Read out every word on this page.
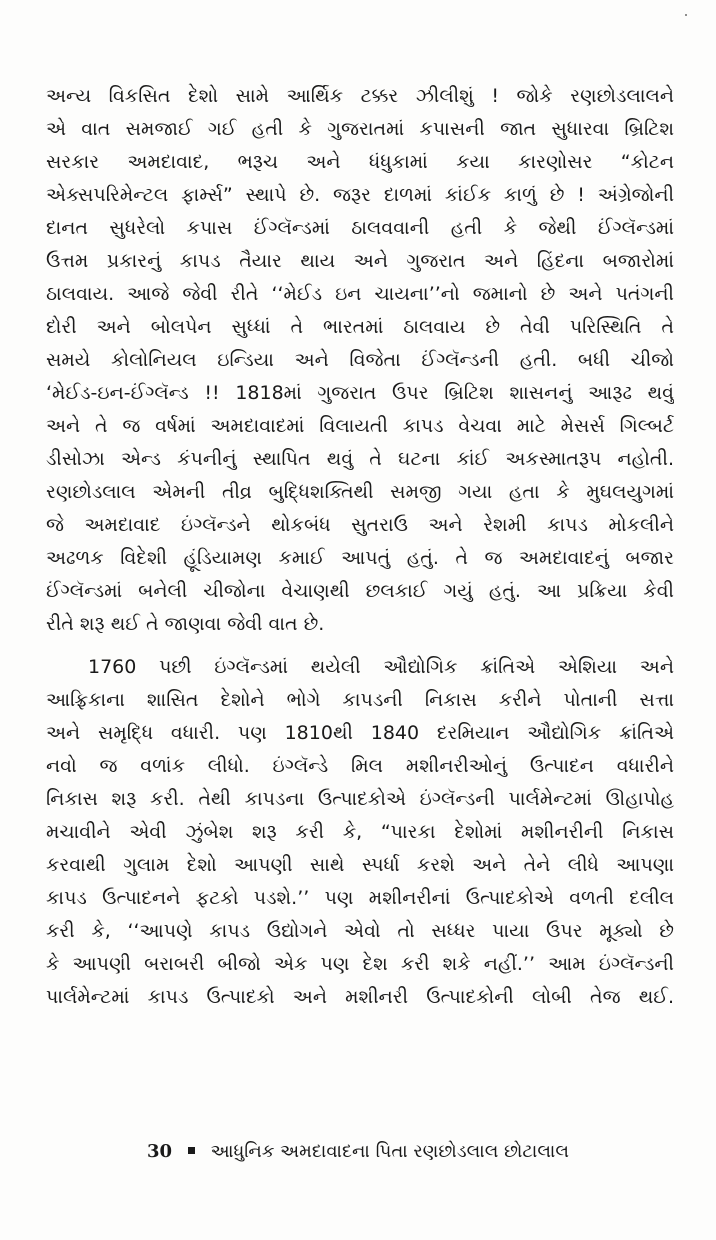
અન્ય વિકસિત દેશો સામે આર્થિક ટક્કર ઝીલીશું ! જોકે રણછોડલાલને
એ વાત સમજાઈ ગઈ હતી કે ગુજરાતમાં કપાસની જાત સુધારવા બ્રિટિશ
સરકાર અમદાવાદ, ભરૂચ અને ધંધુકામાં કયા કારણોસર “કોટન
એક્સપરિમેન્ટલ ફાર્મ્સ” સ્થાપે છે. જરૂર દાળમાં કાંઈક કાળું છે ! અંગ્રેજોની
દાનત સુધરેલો કપાસ ઈંગ્લૅન્ડમાં ઠાલવવાની હતી કે જેથી ઈંગ્લૅન્ડમાં
ઉત્તમ પ્રકારનું કાપડ તૈયાર થાય અને ગુજરાત અને હિંદના બજારોમાં
ઠાલવાય. આજે જેવી રીતે ‘‘મેઈડ ઇન ચાયના’’નો જમાનો છે અને પતંગની
દોરી અને બોલપેન સુધ્ધાં તે ભારતમાં ઠાલવાય છે તેવી પરિસ્થિતિ તે
સમયે કોલોનિયલ ઇન્ડિયા અને વિજેતા ઈંગ્લૅન્ડની હતી. બધી ચીજો
‘મેઈડ-ઇન-ઈંગ્લૅન્ડ !! 1818માં ગુજરાત ઉપર બ્રિટિશ શાસનનું આરૂઢ થવું
અને તે જ વર્ષમાં અમદાવાદમાં વિલાયતી કાપડ વેચવા માટે મેસર્સ ગિલ્બર્ટ
ડીસોઝા એન્ડ કંપનીનું સ્થાપિત થવું તે ઘટના કાંઈ અકસ્માતરૂપ નહોતી.
રણછોડલાલ એમની તીવ્ર બુદ્ધિશક્તિથી સમજી ગયા હતા કે મુઘલયુગમાં
જે અમદાવાદ ઇંગ્લૅન્ડને થોકબંધ સુતરાઉ અને રેશમી કાપડ મોકલીને
અઢળક વિદેશી હૂંડિયામણ કમાઈ આપતું હતું. તે જ અમદાવાદનું બજાર
ઈંગ્લૅન્ડમાં બનેલી ચીજોના વેચાણથી છલકાઈ ગયું હતું. આ પ્રક્રિયા કેવી
રીતે શરૂ થઈ તે જાણવા જેવી વાત છે.
1760 પછી ઇંગ્લૅન્ડમાં થયેલી ઔદ્યોગિક ક્રાંતિએ એશિયા અને
આફ્રિકાના શાસિત દેશોને ભોગે કાપડની નિકાસ કરીને પોતાની સત્તા
અને સમૃદ્ધિ વધારી. પણ 1810થી 1840 દરમિયાન ઔદ્યોગિક ક્રાંતિએ
નવો જ વળાંક લીધો. ઇંગ્લૅન્ડે મિલ મશીનરીઓનું ઉત્પાદન વધારીને
નિકાસ શરૂ કરી. તેથી કાપડના ઉત્પાદકોએ ઇંગ્લૅન્ડની પાર્લમેન્ટમાં ઊહાપોહ
મચાવીને એવી ઝુંબેશ શરૂ કરી કે, “પારકા દેશોમાં મશીનરીની નિકાસ
કરવાથી ગુલામ દેશો આપણી સાથે સ્પર્ધા કરશે અને તેને લીધે આપણા
કાપડ ઉત્પાદનને ફટકો પડશે.’’ પણ મશીનરીનાં ઉત્પાદકોએ વળતી દલીલ
કરી કે, ‘‘આપણે કાપડ ઉદ્યોગને એવો તો સધ્ધર પાયા ઉપર મૂક્યો છે
કે આપણી બરાબરી બીજો એક પણ દેશ કરી શકે નહીં.’’ આમ ઇંગ્લૅન્ડની
પાર્લમેન્ટમાં કાપડ ઉત્પાદકો અને મશીનરી ઉત્પાદકોની લોબી તેજ થઈ.
30 આધુનિક અમદાવાદના પિતા રણછોડલાલ છોટાલાલ
